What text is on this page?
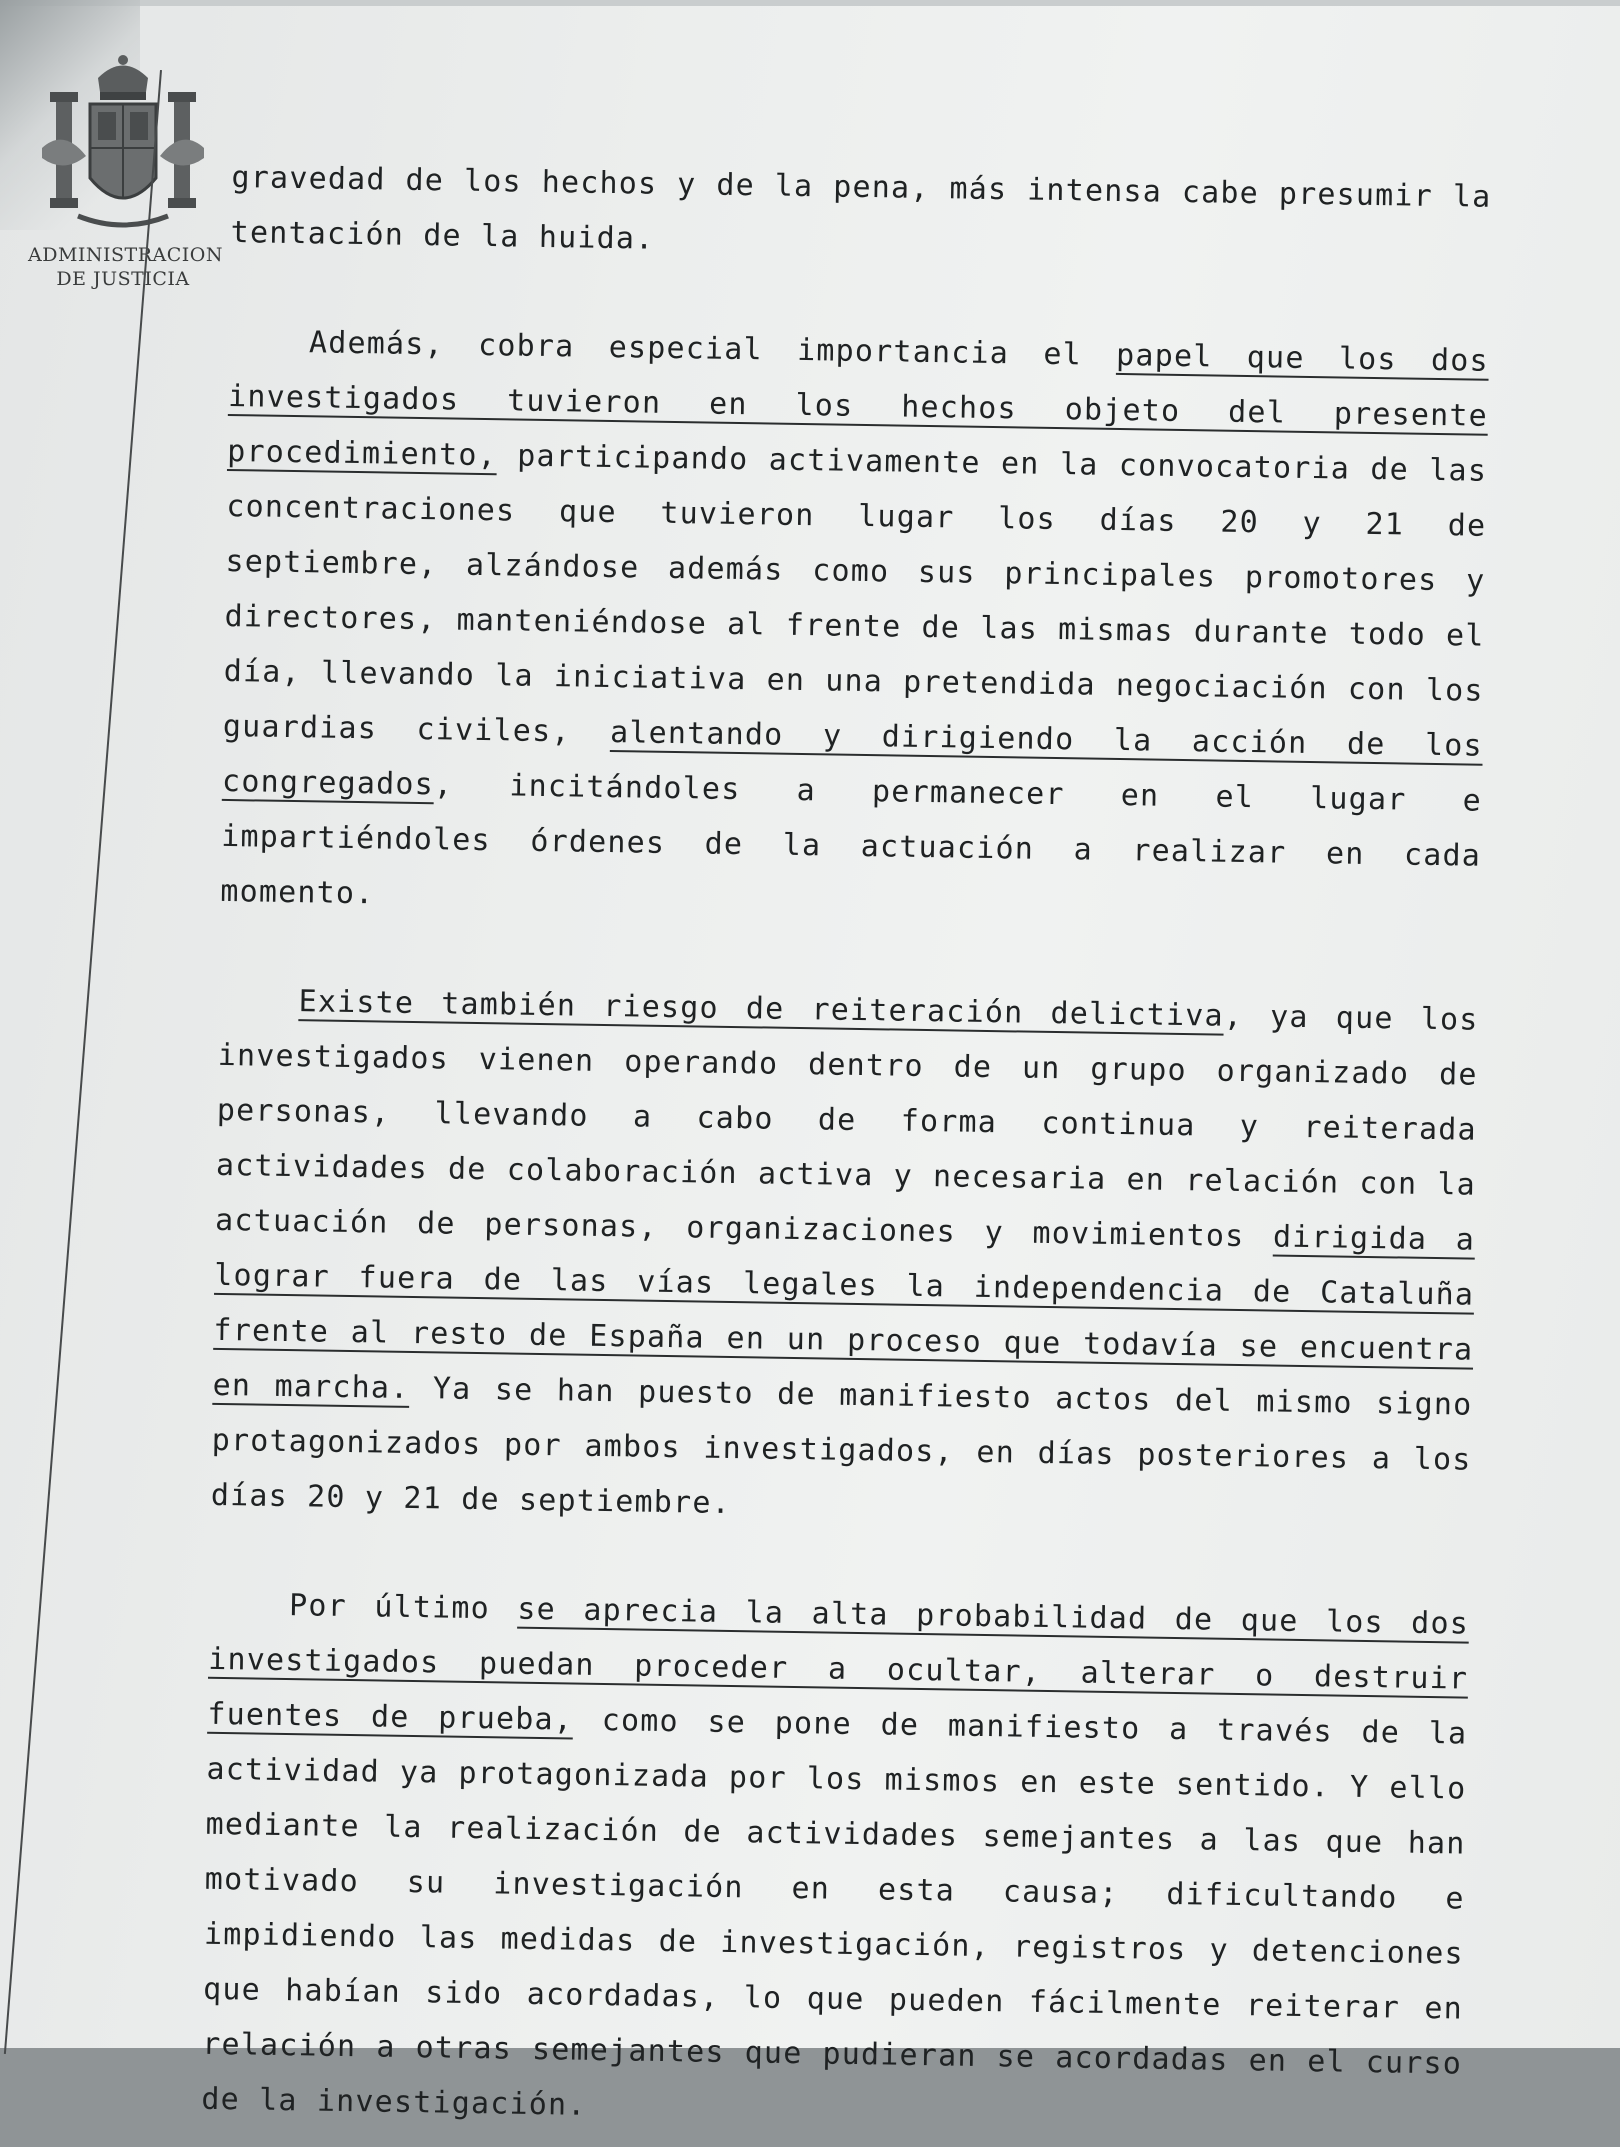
ADMINISTRACION
DE JUSTICIA

gravedad de los hechos y de la pena, más intensa cabe presumir la tentación de la huida.

Además, cobra especial importancia el papel que los dos investigados tuvieron en los hechos objeto del presente procedimiento, participando activamente en la convocatoria de las concentraciones que tuvieron lugar los días 20 y 21 de septiembre, alzándose además como sus principales promotores y directores, manteniéndose al frente de las mismas durante todo el día, llevando la iniciativa en una pretendida negociación con los guardias civiles, alentando y dirigiendo la acción de los congregados, incitándoles a permanecer en el lugar e impartiéndoles órdenes de la actuación a realizar en cada momento.

Existe también riesgo de reiteración delictiva, ya que los investigados vienen operando dentro de un grupo organizado de personas, llevando a cabo de forma continua y reiterada actividades de colaboración activa y necesaria en relación con la actuación de personas, organizaciones y movimientos dirigida a lograr fuera de las vías legales la independencia de Cataluña frente al resto de España en un proceso que todavía se encuentra en marcha. Ya se han puesto de manifiesto actos del mismo signo protagonizados por ambos investigados, en días posteriores a los días 20 y 21 de septiembre.

Por último se aprecia la alta probabilidad de que los dos investigados puedan proceder a ocultar, alterar o destruir fuentes de prueba, como se pone de manifiesto a través de la actividad ya protagonizada por los mismos en este sentido. Y ello mediante la realización de actividades semejantes a las que han motivado su investigación en esta causa; dificultando e impidiendo las medidas de investigación, registros y detenciones que habían sido acordadas, lo que pueden fácilmente reiterar en relación a otras semejantes que pudieran se acordadas en el curso de la investigación.
